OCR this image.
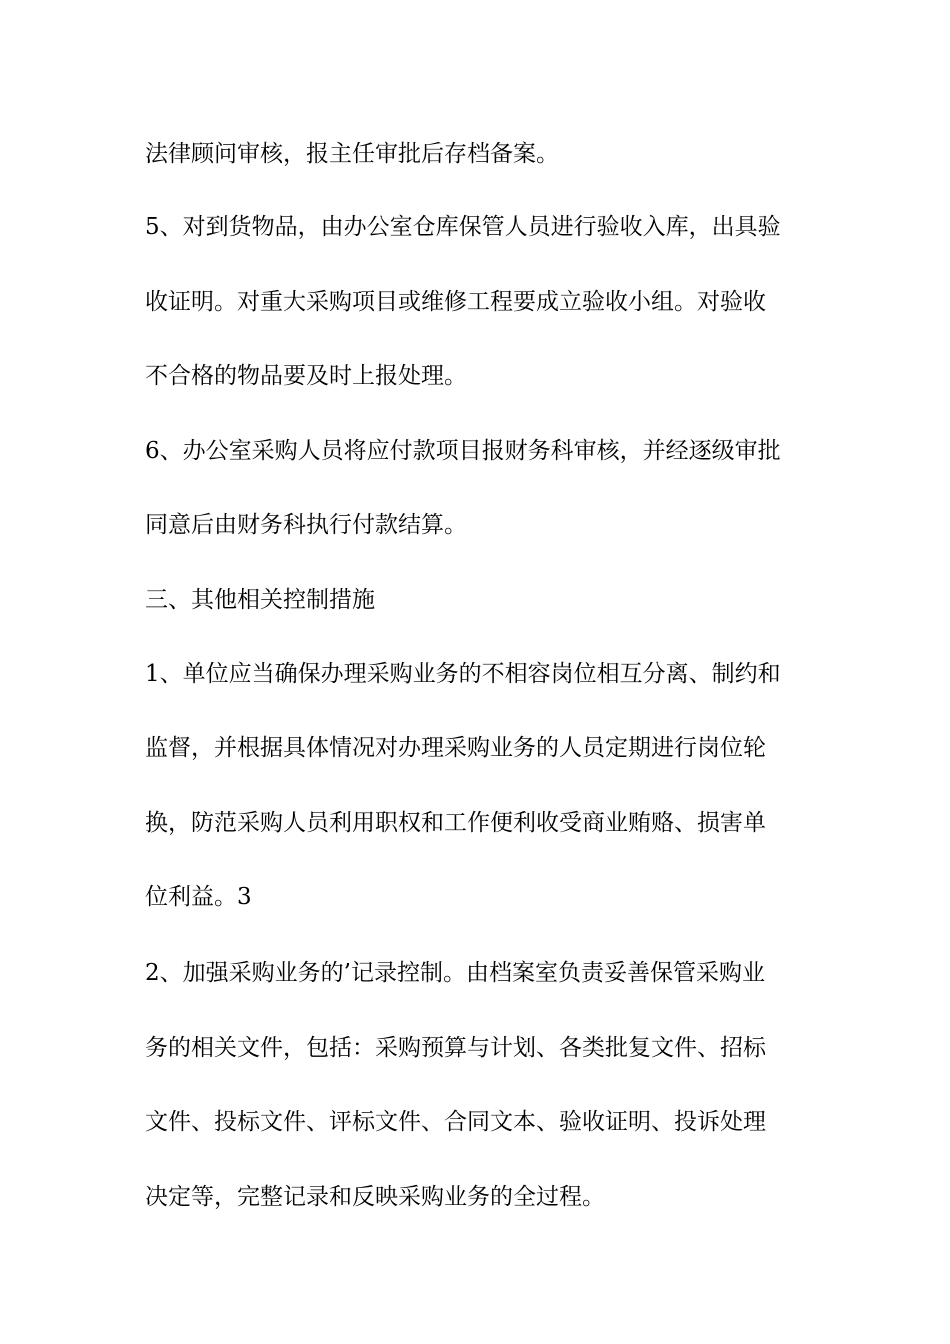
法律顾问审核，报主任审批后存档备案。
5、对到货物品，由办公室仓库保管人员进行验收入库，出具验
收证明。对重大采购项目或维修工程要成立验收小组。对验收
不合格的物品要及时上报处理。
6、办公室采购人员将应付款项目报财务科审核，并经逐级审批
同意后由财务科执行付款结算。
三、其他相关控制措施
1、单位应当确保办理采购业务的不相容岗位相互分离、制约和
监督，并根据具体情况对办理采购业务的人员定期进行岗位轮
换，防范采购人员利用职权和工作便利收受商业贿赂、损害单
位利益。3
2、加强采购业务的’记录控制。由档案室负责妥善保管采购业
务的相关文件，包括：采购预算与计划、各类批复文件、招标
文件、投标文件、评标文件、合同文本、验收证明、投诉处理
决定等，完整记录和反映采购业务的全过程。
